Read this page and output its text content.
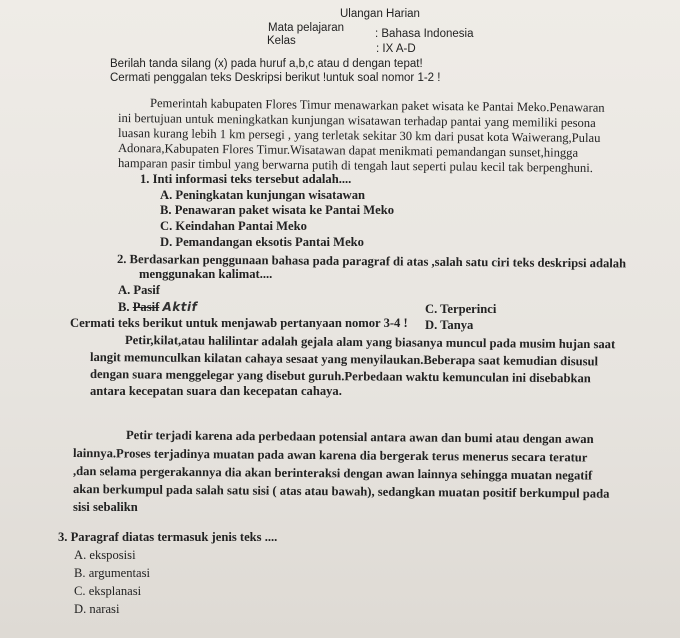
Ulangan Harian
Mata pelajaran	: Bahasa Indonesia
Kelas
: IX A-D
Berilah tanda silang (x) pada huruf a,b,c atau d dengan tepat!
Cermati penggalan teks Deskripsi berikut !untuk soal nomor 1-2 !
Pemerintah kabupaten Flores Timur menawarkan paket wisata ke Pantai Meko.Penawaran
ini bertujuan untuk meningkatkan kunjungan wisatawan terhadap pantai yang memiliki pesona
luasan kurang lebih 1 km persegi , yang terletak sekitar 30 km dari pusat kota Waiwerang,Pulau
Adonara,Kabupaten Flores Timur.Wisatawan dapat menikmati pemandangan sunset,hingga
hamparan pasir timbul yang berwarna putih di tengah laut seperti pulau kecil tak berpenghuni.
1. Inti informasi teks tersebut adalah....
A. Peningkatan kunjungan wisatawan
B. Penawaran paket wisata ke Pantai Meko
C. Keindahan Pantai Meko
D. Pemandangan eksotis Pantai Meko
2. Berdasarkan penggunaan bahasa pada paragraf di atas ,salah satu ciri teks deskripsi adalah
menggunakan kalimat....
A. Pasif
B. Pasif Aktif	C. Terperinci
D. Tanya
Cermati teks berikut untuk menjawab pertanyaan nomor 3-4 !
Petir,kilat,atau halilintar adalah gejala alam yang biasanya muncul pada musim hujan saat
langit memunculkan kilatan cahaya sesaat yang menyilaukan.Beberapa saat kemudian disusul
dengan suara menggelegar yang disebut guruh.Perbedaan waktu kemunculan ini disebabkan
antara kecepatan suara dan kecepatan cahaya.
Petir terjadi karena ada perbedaan potensial antara awan dan bumi atau dengan awan
lainnya.Proses terjadinya muatan pada awan karena dia bergerak terus menerus secara teratur
,dan selama pergerakannya dia akan berinteraksi dengan awan lainnya sehingga muatan negatif
akan berkumpul pada salah satu sisi ( atas atau bawah), sedangkan muatan positif berkumpul pada
sisi sebalikn
3. Paragraf diatas termasuk jenis teks ....
A. eksposisi
B. argumentasi
C. eksplanasi
D. narasi
